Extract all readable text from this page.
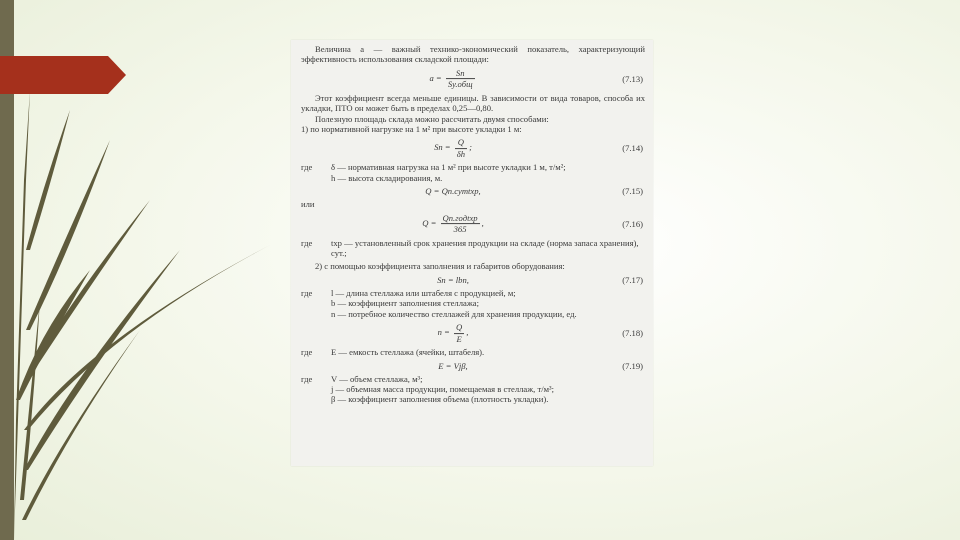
Величина a — важный технико-экономический показатель, характеризующий эффективность использования складской площади:

$a = \frac{Sп}{\text{Sу.общ}}$	(7.13)

Этот коэффициент всегда меньше единицы. В зависимости от вида товаров, способа их укладки, ПТО он может быть в пределах 0,25—0,80.

Полезную площадь склада можно рассчитать двумя способами:

1) по нормативной нагрузке на 1 м² при высоте укладки 1 м:

Sп = $\frac{Q}{\delta h}$ ;	(7.14)
где	δ — нормативная нагрузка на 1 м² при высоте укладки 1 м, т/м²;
h — высота складирования, м.
Q = Qп.сутtхр,	(7.15)

или

$Q = \frac{\text{Qп.годtхр}}{365}$ ,	(7.16)
где	tхр — установленный срок хранения продукции на складе (норма запаса хранения), сут.;

2) с помощью коэффициента заполнения и габаритов оборудования:

Sп = lbn,	(7.17)
где	l — длина стеллажа или штабеля с продукцией, м;
b — коэффициент заполнения стеллажа;
n — потребное количество стеллажей для хранения продукции, ед.
$n = \frac{Q}{E}$ ,	(7.18)
где	E — емкость стеллажа (ячейки, штабеля).
E = Vjβ,	(7.19)
где	V — объем стеллажа, м³;
j — объемная масса продукции, помещаемая в стеллаж, т/м³;
β — коэффициент заполнения объема (плотность укладки).
